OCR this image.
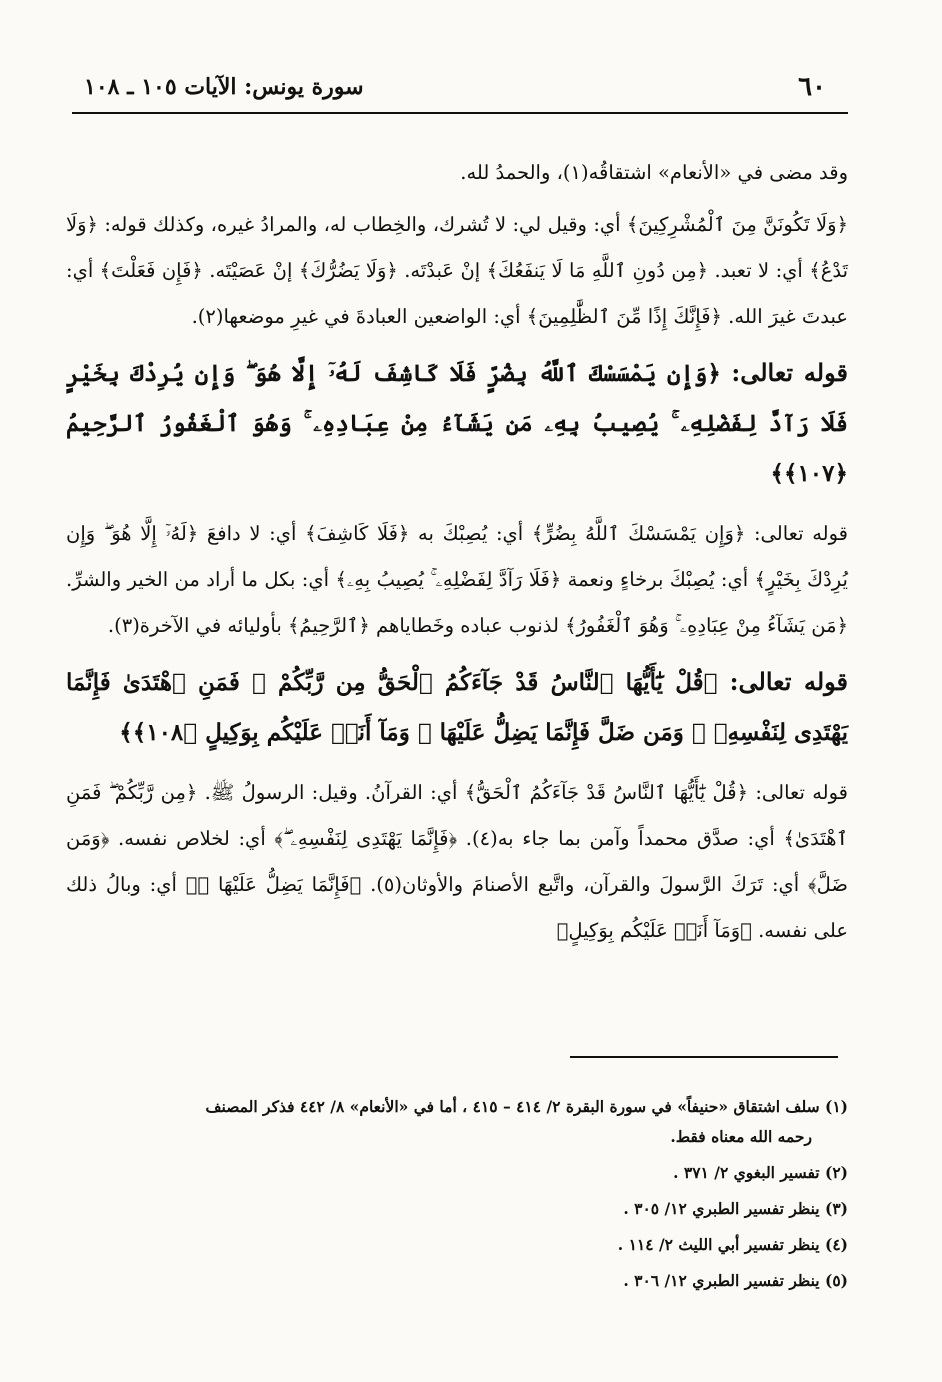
٦٠
سورة يونس: الآيات ١٠٥ ـ ١٠٨

وقد مضى في «الأنعام» اشتقاقُه(١)، والحمدُ لله.

﴿وَلَا تَكُونَنَّ مِنَ ٱلْمُشْرِكِينَ﴾ أي: وقيل لي: لا تُشرك، والخِطاب له، والمرادُ غيره، وكذلك قوله: ﴿وَلَا تَدْعُ﴾ أي: لا تعبد. ﴿مِن دُونِ ٱللَّهِ مَا لَا يَنفَعُكَ﴾ إنْ عَبدْتَه. ﴿وَلَا يَضُرُّكَ﴾ إنْ عَصَيْتَه. ﴿فَإِن فَعَلْتَ﴾ أي: عبدتَ غيرَ الله. ﴿فَإِنَّكَ إِذًا مِّنَ ٱلظَّٰلِمِينَ﴾ أي: الواضعين العبادةَ في غيرِ موضعها(٢).

قوله تعالى: ﴿وَإِن يَمْسَسْكَ ٱللَّهُ بِضُرٍّ فَلَا كَاشِفَ لَهُۥٓ إِلَّا هُوَ ۖ وَإِن يُرِدْكَ بِخَيْرٍ فَلَا رَآدَّ لِفَضْلِهِۦ ۚ يُصِيبُ بِهِۦ مَن يَشَآءُ مِنْ عِبَادِهِۦ ۚ وَهُوَ ٱلْغَفُورُ ٱلرَّحِيمُ ﴿١٠٧﴾﴾

قوله تعالى: ﴿وَإِن يَمْسَسْكَ ٱللَّهُ بِضُرٍّ﴾ أي: يُصِبْكَ به ﴿فَلَا كَاشِفَ﴾ أي: لا دافعَ ﴿لَهُۥٓ إِلَّا هُوَ ۖ وَإِن يُرِدْكَ بِخَيْرٍ﴾ أي: يُصِبْكَ برخاءٍ ونعمة ﴿فَلَا رَآدَّ لِفَضْلِهِۦ ۚ يُصِيبُ بِهِۦ﴾ أي: بكل ما أراد من الخير والشرِّ. ﴿مَن يَشَآءُ مِنْ عِبَادِهِۦ ۚ وَهُوَ ٱلْغَفُورُ﴾ لذنوب عباده وخَطاياهم ﴿ٱلرَّحِيمُ﴾ بأوليائه في الآخرة(٣).

قوله تعالى: ﴿قُلْ يَٰٓأَيُّهَا ٱلنَّاسُ قَدْ جَآءَكُمُ ٱلْحَقُّ مِن رَّبِّكُمْ ۖ فَمَنِ ٱهْتَدَىٰ فَإِنَّمَا يَهْتَدِى لِنَفْسِهِۦ ۖ وَمَن ضَلَّ فَإِنَّمَا يَضِلُّ عَلَيْهَا ۖ وَمَآ أَنَا۠ عَلَيْكُم بِوَكِيلٍ ﴿١٠٨﴾﴾

قوله تعالى: ﴿قُلْ يَٰٓأَيُّهَا ٱلنَّاسُ قَدْ جَآءَكُمُ ٱلْحَقُّ﴾ أي: القرآنُ. وقيل: الرسولُ ﷺ. ﴿مِن رَّبِّكُمْ ۖ فَمَنِ ٱهْتَدَىٰ﴾ أي: صدَّق محمداً وآمن بما جاء به(٤). ﴿فَإِنَّمَا يَهْتَدِى لِنَفْسِهِۦ ۖ﴾ أي: لخلاص نفسه. ﴿وَمَن ضَلَّ﴾ أي: تَرَكَ الرَّسولَ والقرآن، واتَّبع الأصنامَ والأوثان(٥). ﴿فَإِنَّمَا يَضِلُّ عَلَيْهَا ۖ﴾ أي: وبالُ ذلك على نفسه. ﴿وَمَآ أَنَا۠ عَلَيْكُم بِوَكِيلٍ﴾

(١) سلف اشتقاق «حنيفاً» في سورة البقرة ٢/ ٤١٤ – ٤١٥ ، أما في «الأنعام» ٨/ ٤٤٢ فذكر المصنف
رحمه الله معناه فقط.

(٢) تفسير البغوي ٢/ ٣٧١ .

(٣) ينظر تفسير الطبري ١٢/ ٣٠٥ .

(٤) ينظر تفسير أبي الليث ٢/ ١١٤ .

(٥) ينظر تفسير الطبري ١٢/ ٣٠٦ .
